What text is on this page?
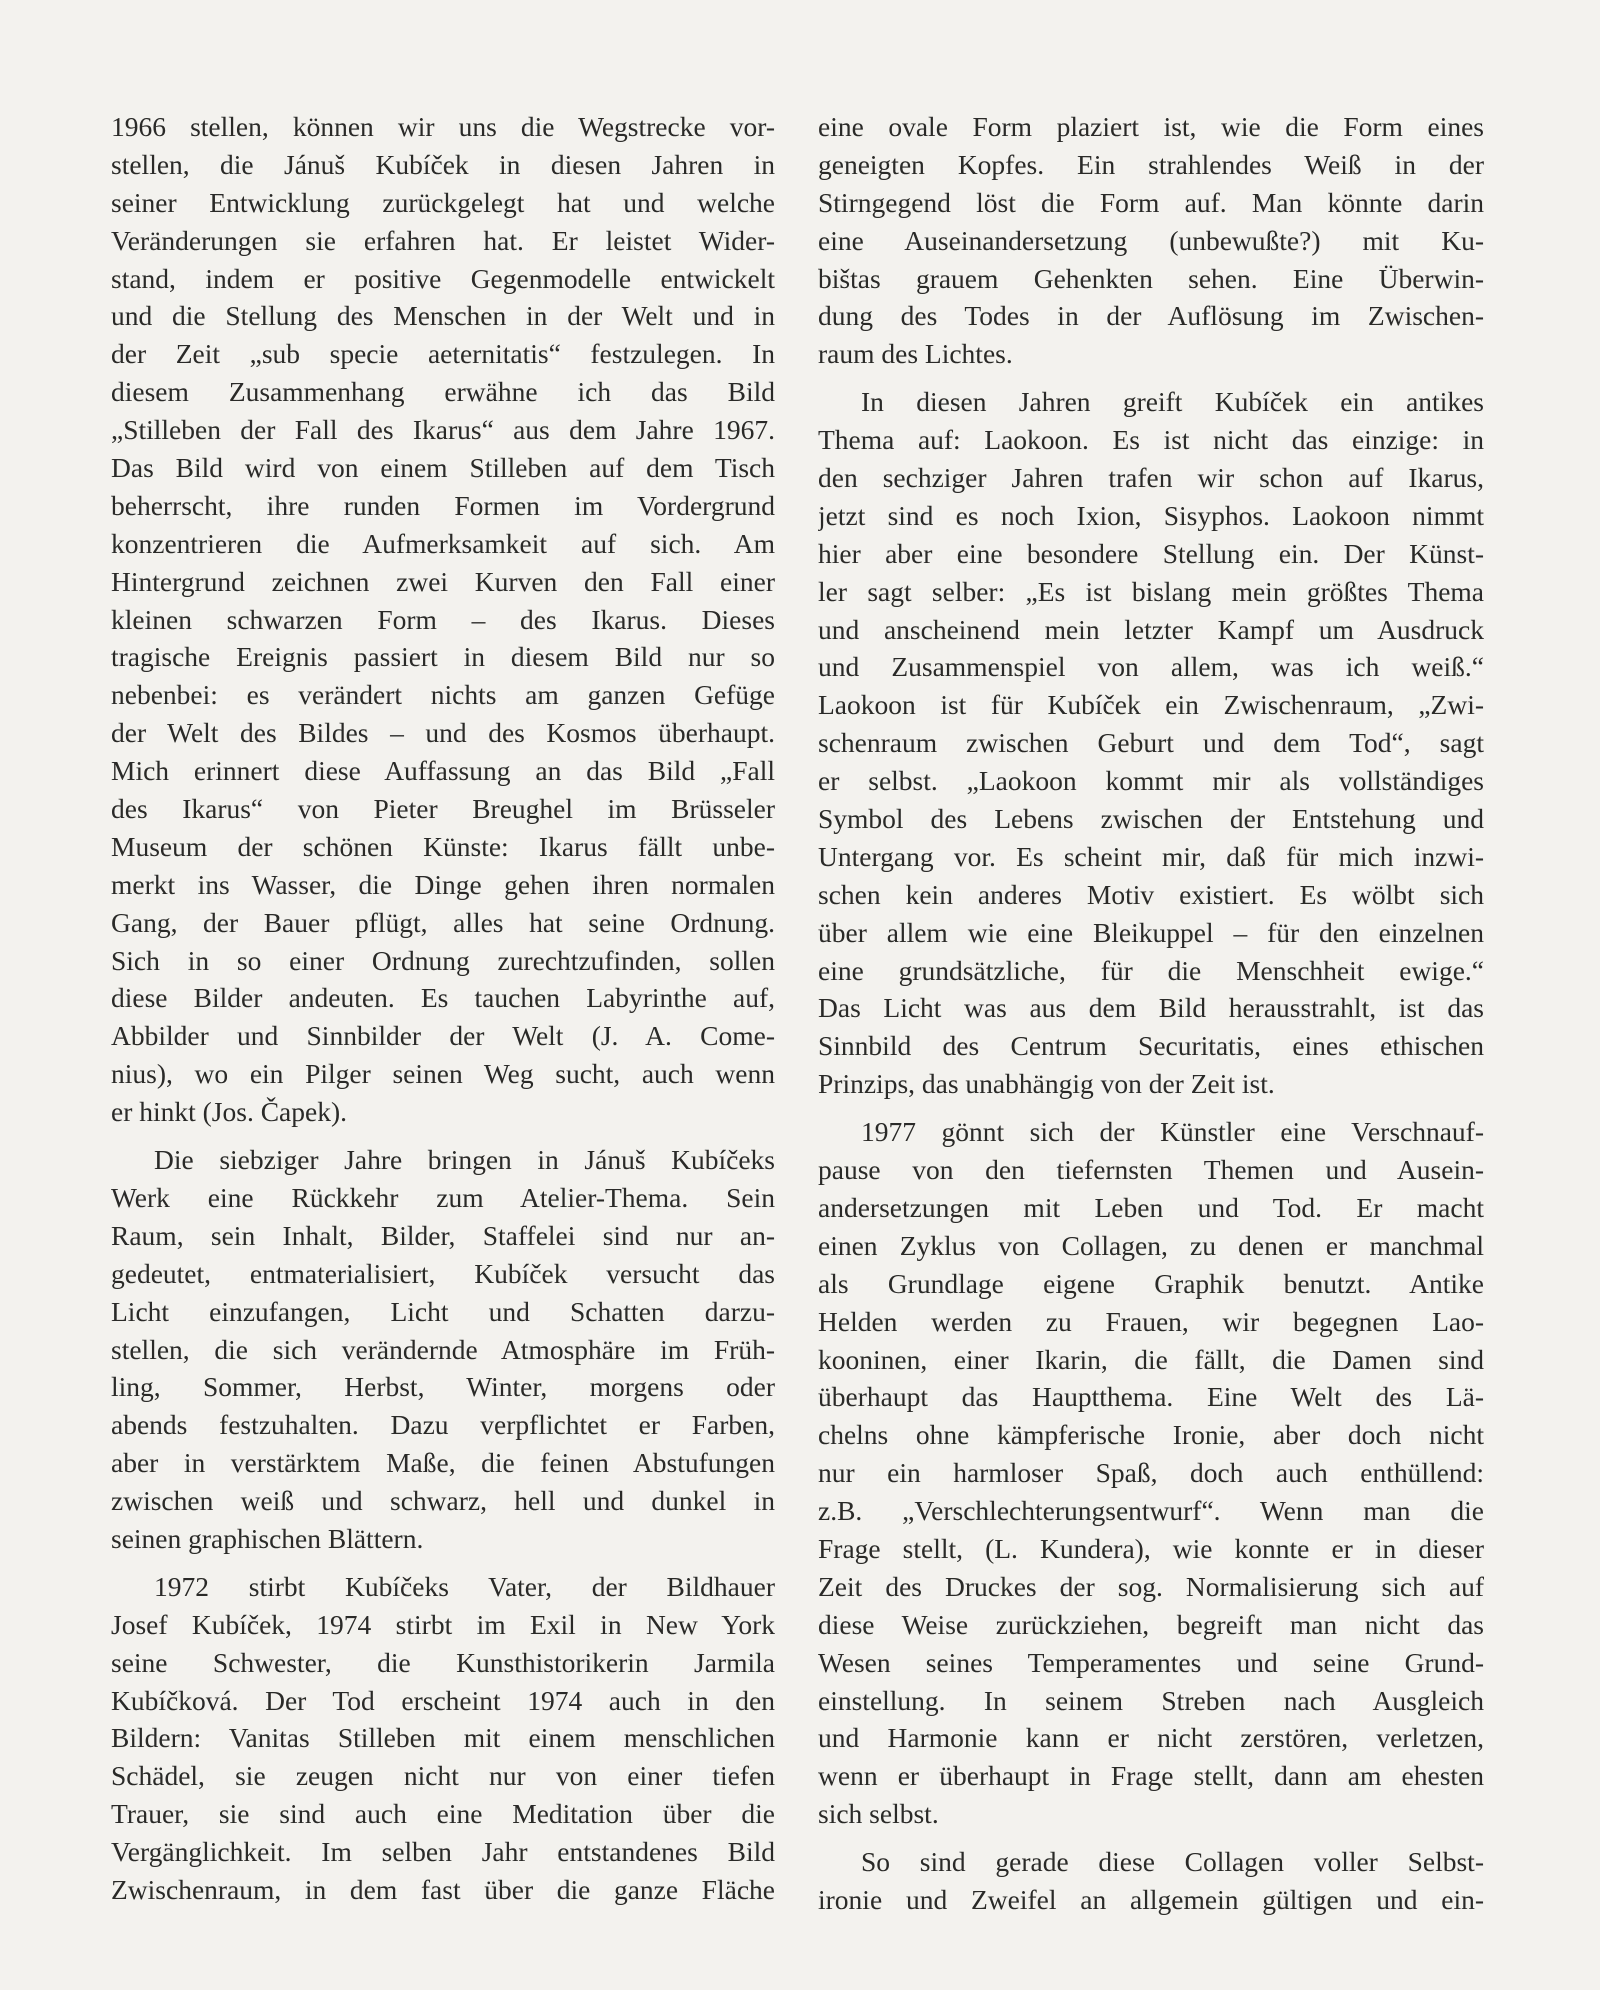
1966 stellen, können wir uns die Wegstrecke vor-
stellen, die Jánuš Kubíček in diesen Jahren in
seiner Entwicklung zurückgelegt hat und welche
Veränderungen sie erfahren hat. Er leistet Wider-
stand, indem er positive Gegenmodelle entwickelt
und die Stellung des Menschen in der Welt und in
der Zeit „sub specie aeternitatis“ festzulegen. In
diesem Zusammenhang erwähne ich das Bild
„Stilleben der Fall des Ikarus“ aus dem Jahre 1967.
Das Bild wird von einem Stilleben auf dem Tisch
beherrscht, ihre runden Formen im Vordergrund
konzentrieren die Aufmerksamkeit auf sich. Am
Hintergrund zeichnen zwei Kurven den Fall einer
kleinen schwarzen Form – des Ikarus. Dieses
tragische Ereignis passiert in diesem Bild nur so
nebenbei: es verändert nichts am ganzen Gefüge
der Welt des Bildes – und des Kosmos überhaupt.
Mich erinnert diese Auffassung an das Bild „Fall
des Ikarus“ von Pieter Breughel im Brüsseler
Museum der schönen Künste: Ikarus fällt unbe-
merkt ins Wasser, die Dinge gehen ihren normalen
Gang, der Bauer pflügt, alles hat seine Ordnung.
Sich in so einer Ordnung zurechtzufinden, sollen
diese Bilder andeuten. Es tauchen Labyrinthe auf,
Abbilder und Sinnbilder der Welt (J. A. Come-
nius), wo ein Pilger seinen Weg sucht, auch wenn
er hinkt (Jos. Čapek).
Die siebziger Jahre bringen in Jánuš Kubíčeks
Werk eine Rückkehr zum Atelier-Thema. Sein
Raum, sein Inhalt, Bilder, Staffelei sind nur an-
gedeutet, entmaterialisiert, Kubíček versucht das
Licht einzufangen, Licht und Schatten darzu-
stellen, die sich verändernde Atmosphäre im Früh-
ling, Sommer, Herbst, Winter, morgens oder
abends festzuhalten. Dazu verpflichtet er Farben,
aber in verstärktem Maße, die feinen Abstufungen
zwischen weiß und schwarz, hell und dunkel in
seinen graphischen Blättern.
1972 stirbt Kubíčeks Vater, der Bildhauer
Josef Kubíček, 1974 stirbt im Exil in New York
seine Schwester, die Kunsthistorikerin Jarmila
Kubíčková. Der Tod erscheint 1974 auch in den
Bildern: Vanitas Stilleben mit einem menschlichen
Schädel, sie zeugen nicht nur von einer tiefen
Trauer, sie sind auch eine Meditation über die
Vergänglichkeit. Im selben Jahr entstandenes Bild
Zwischenraum, in dem fast über die ganze Fläche
eine ovale Form plaziert ist, wie die Form eines
geneigten Kopfes. Ein strahlendes Weiß in der
Stirngegend löst die Form auf. Man könnte darin
eine Auseinandersetzung (unbewußte?) mit Ku-
bištas grauem Gehenkten sehen. Eine Überwin-
dung des Todes in der Auflösung im Zwischen-
raum des Lichtes.
In diesen Jahren greift Kubíček ein antikes
Thema auf: Laokoon. Es ist nicht das einzige: in
den sechziger Jahren trafen wir schon auf Ikarus,
jetzt sind es noch Ixion, Sisyphos. Laokoon nimmt
hier aber eine besondere Stellung ein. Der Künst-
ler sagt selber: „Es ist bislang mein größtes Thema
und anscheinend mein letzter Kampf um Ausdruck
und Zusammenspiel von allem, was ich weiß.“
Laokoon ist für Kubíček ein Zwischenraum, „Zwi-
schenraum zwischen Geburt und dem Tod“, sagt
er selbst. „Laokoon kommt mir als vollständiges
Symbol des Lebens zwischen der Entstehung und
Untergang vor. Es scheint mir, daß für mich inzwi-
schen kein anderes Motiv existiert. Es wölbt sich
über allem wie eine Bleikuppel – für den einzelnen
eine grundsätzliche, für die Menschheit ewige.“
Das Licht was aus dem Bild herausstrahlt, ist das
Sinnbild des Centrum Securitatis, eines ethischen
Prinzips, das unabhängig von der Zeit ist.
1977 gönnt sich der Künstler eine Verschnauf-
pause von den tiefernsten Themen und Ausein-
andersetzungen mit Leben und Tod. Er macht
einen Zyklus von Collagen, zu denen er manchmal
als Grundlage eigene Graphik benutzt. Antike
Helden werden zu Frauen, wir begegnen Lao-
kooninen, einer Ikarin, die fällt, die Damen sind
überhaupt das Hauptthema. Eine Welt des Lä-
chelns ohne kämpferische Ironie, aber doch nicht
nur ein harmloser Spaß, doch auch enthüllend:
z.B. „Verschlechterungsentwurf“. Wenn man die
Frage stellt, (L. Kundera), wie konnte er in dieser
Zeit des Druckes der sog. Normalisierung sich auf
diese Weise zurückziehen, begreift man nicht das
Wesen seines Temperamentes und seine Grund-
einstellung. In seinem Streben nach Ausgleich
und Harmonie kann er nicht zerstören, verletzen,
wenn er überhaupt in Frage stellt, dann am ehesten
sich selbst.
So sind gerade diese Collagen voller Selbst-
ironie und Zweifel an allgemein gültigen und ein-
